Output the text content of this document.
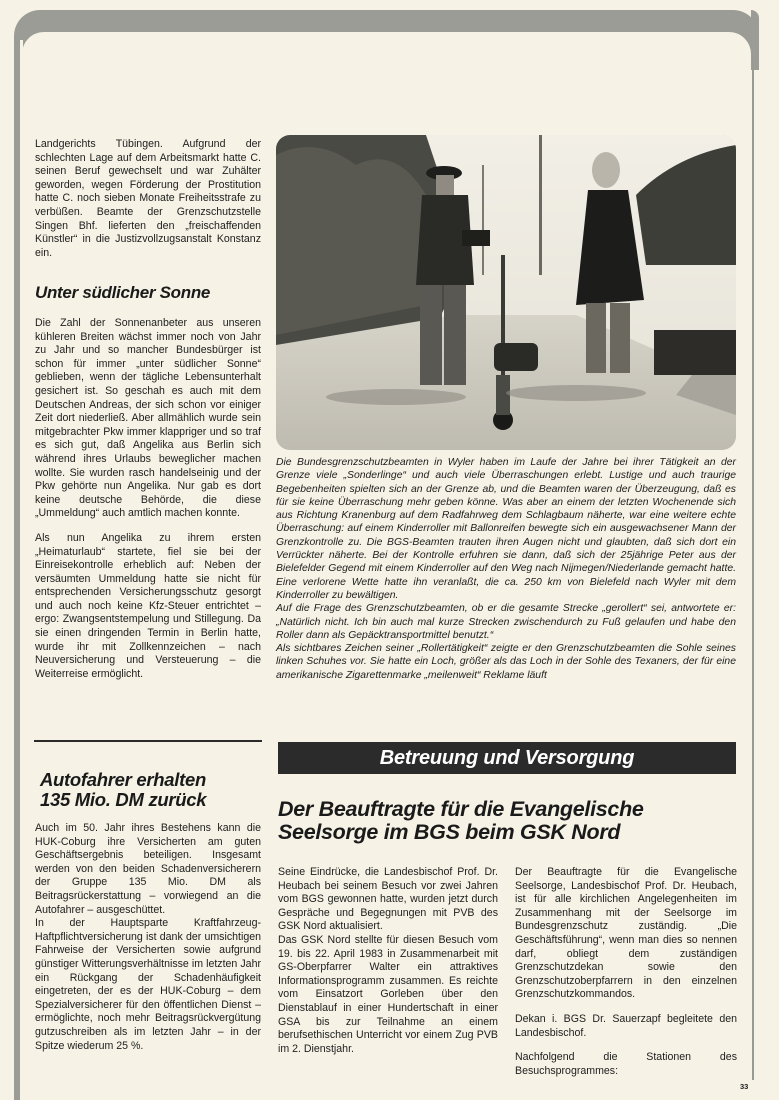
Landgerichts Tübingen. Aufgrund der schlechten Lage auf dem Arbeitsmarkt hatte C. seinen Beruf gewechselt und war Zuhälter geworden, wegen Förderung der Prostitution hatte C. noch sieben Monate Freiheitsstrafe zu verbüßen. Beamte der Grenzschutzstelle Singen Bhf. lieferten den „freischaffenden Künstler“ in die Justizvollzugsanstalt Konstanz ein.

Unter südlicher Sonne

Die Zahl der Sonnenanbeter aus unseren kühleren Breiten wächst immer noch von Jahr zu Jahr und so mancher Bundesbürger ist schon für immer „unter südlicher Sonne“ geblieben, wenn der tägliche Lebensunterhalt gesichert ist. So geschah es auch mit dem Deutschen Andreas, der sich schon vor einiger Zeit dort niederließ. Aber allmählich wurde sein mitgebrachter Pkw immer klappriger und so traf es sich gut, daß Angelika aus Berlin sich während ihres Urlaubs beweglicher machen wollte. Sie wurden rasch handelseinig und der Pkw gehörte nun Angelika. Nur gab es dort keine deutsche Behörde, die diese „Ummeldung“ auch amtlich machen konnte.

Als nun Angelika zu ihrem ersten „Heimaturlaub“ startete, fiel sie bei der Einreisekontrolle erheblich auf: Neben der versäumten Ummeldung hatte sie nicht für entsprechenden Versicherungsschutz gesorgt und auch noch keine Kfz-Steuer entrichtet – ergo: Zwangsentstempelung und Stillegung. Da sie einen dringenden Termin in Berlin hatte, wurde ihr mit Zollkennzeichen – nach Neuversicherung und Versteuerung – die Weiterreise ermöglicht.

Die Bundesgrenzschutzbeamten in Wyler haben im Laufe der Jahre bei ihrer Tätigkeit an der Grenze viele „Sonderlinge“ und auch viele Überraschungen erlebt. Lustige und auch traurige Begebenheiten spielten sich an der Grenze ab, und die Beamten waren der Überzeugung, daß es für sie keine Überraschung mehr geben könne. Was aber an einem der letzten Wochenende sich aus Richtung Kranenburg auf dem Radfahrweg dem Schlagbaum näherte, war eine weitere echte Überraschung: auf einem Kinderroller mit Ballonreifen bewegte sich ein ausgewachsener Mann der Grenzkontrolle zu. Die BGS-Beamten trauten ihren Augen nicht und glaubten, daß sich dort ein Verrückter näherte. Bei der Kontrolle erfuhren sie dann, daß sich der 25jährige Peter aus der Bielefelder Gegend mit einem Kinderroller auf den Weg nach Nijmegen/Niederlande gemacht hatte. Eine verlorene Wette hatte ihn veranlaßt, die ca. 250 km von Bielefeld nach Wyler mit dem Kinderroller zu bewältigen.

Auf die Frage des Grenzschutzbeamten, ob er die gesamte Strecke „gerollert“ sei, antwortete er: „Natürlich nicht. Ich bin auch mal kurze Strecken zwischendurch zu Fuß gelaufen und habe den Roller dann als Gepäcktransportmittel benutzt.“

Als sichtbares Zeichen seiner „Rollertätigkeit“ zeigte er den Grenzschutzbeamten die Sohle seines linken Schuhes vor. Sie hatte ein Loch, größer als das Loch in der Sohle des Texaners, der für eine amerikanische Zigarettenmarke „meilenweit“ Reklame läuft

Autofahrer erhalten
135 Mio. DM zurück

Auch im 50. Jahr ihres Bestehens kann die HUK-Coburg ihre Versicherten am guten Geschäftsergebnis beteiligen. Insgesamt werden von den beiden Schadenversicherern der Gruppe 135 Mio. DM als Beitragsrückerstattung – vorwiegend an die Autofahrer – ausgeschüttet.

In der Hauptsparte Kraftfahrzeug-Haftpflichtversicherung ist dank der umsichtigen Fahrweise der Versicherten sowie aufgrund günstiger Witterungsverhältnisse im letzten Jahr ein Rückgang der Schadenhäufigkeit eingetreten, der es der HUK-Coburg – dem Spezialversicherer für den öffentlichen Dienst – ermöglichte, noch mehr Beitragsrückvergütung gutzuschreiben als im letzten Jahr – in der Spitze wiederum 25 %.

Betreuung und Versorgung
Der Beauftragte für die Evangelische
Seelsorge im BGS beim GSK Nord

Seine Eindrücke, die Landesbischof Prof. Dr. Heubach bei seinem Besuch vor zwei Jahren vom BGS gewonnen hatte, wurden jetzt durch Gespräche und Begegnungen mit PVB des GSK Nord aktualisiert.

Das GSK Nord stellte für diesen Besuch vom 19. bis 22. April 1983 in Zusammenarbeit mit GS-Oberpfarrer Walter ein attraktives Informationsprogramm zusammen. Es reichte vom Einsatzort Gorleben über den Dienstablauf in einer Hundertschaft in einer GSA bis zur Teilnahme an einem berufsethischen Unterricht vor einem Zug PVB im 2. Dienstjahr.

Der Beauftragte für die Evangelische Seelsorge, Landesbischof Prof. Dr. Heubach, ist für alle kirchlichen Angelegenheiten im Zusammenhang mit der Seelsorge im Bundesgrenzschutz zuständig. „Die Geschäftsführung“, wenn man dies so nennen darf, obliegt dem zuständigen Grenzschutzdekan sowie den Grenzschutzoberpfarrern in den einzelnen Grenzschutzkommandos.

Dekan i. BGS Dr. Sauerzapf begleitete den Landesbischof.

Nachfolgend die Stationen des Besuchsprogrammes:

33
